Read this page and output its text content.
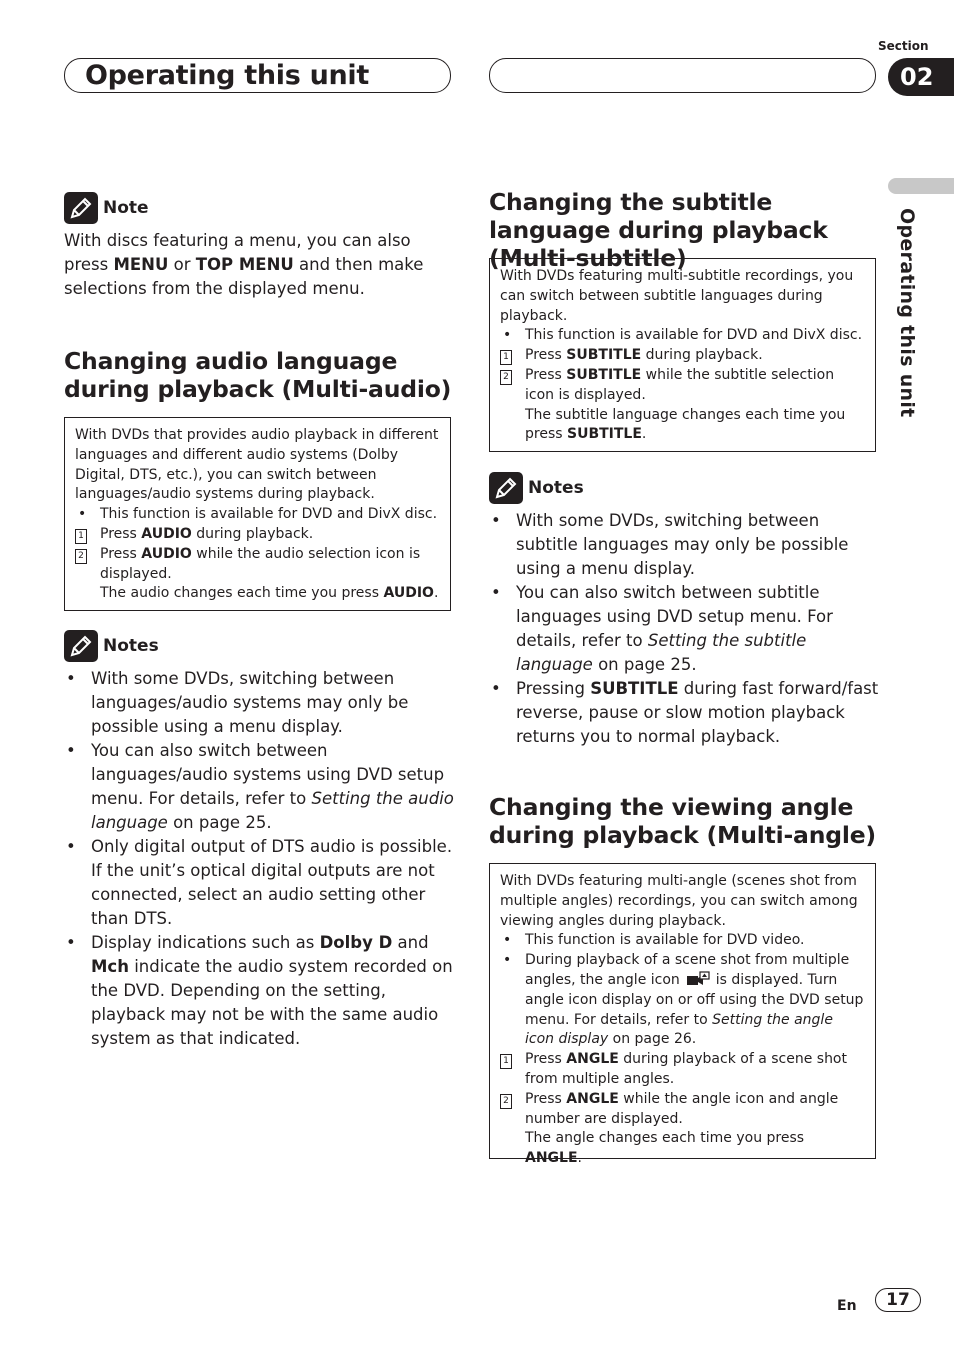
Operating this unit
Section
02
Operating this unit
Note
With discs featuring a menu, you can also press MENU or TOP MENU and then make selections from the displayed menu.
Changing audio language during playback (Multi-audio)
With DVDs that provides audio playback in different languages and different audio systems (Dolby Digital, DTS, etc.), you can switch between languages/audio systems during playback.
• This function is available for DVD and DivX disc.
1	Press AUDIO during playback.
2	Press AUDIO while the audio selection icon is displayed.
The audio changes each time you press AUDIO.
Notes
• With some DVDs, switching between languages/audio systems may only be possible using a menu display.
• You can also switch between languages/audio systems using DVD setup menu. For details, refer to Setting the audio language on page 25.
• Only digital output of DTS audio is possible. If the unit’s optical digital outputs are not connected, select an audio setting other than DTS.
• Display indications such as Dolby D and Mch indicate the audio system recorded on the DVD. Depending on the setting, playback may not be with the same audio system as that indicated.
Changing the subtitle language during playback (Multi-subtitle)
With DVDs featuring multi-subtitle recordings, you can switch between subtitle languages during playback.
• This function is available for DVD and DivX disc.
1	Press SUBTITLE during playback.
2	Press SUBTITLE while the subtitle selection icon is displayed.
The subtitle language changes each time you press SUBTITLE.
Notes
• With some DVDs, switching between subtitle languages may only be possible using a menu display.
• You can also switch between subtitle languages using DVD setup menu. For details, refer to Setting the subtitle language on page 25.
• Pressing SUBTITLE during fast forward/fast reverse, pause or slow motion playback returns you to normal playback.
Changing the viewing angle during playback (Multi-angle)
With DVDs featuring multi-angle (scenes shot from multiple angles) recordings, you can switch among viewing angles during playback.
• This function is available for DVD video.
• During playback of a scene shot from multiple angles, the angle icon	is displayed. Turn angle icon display on or off using the DVD setup menu. For details, refer to Setting the angle icon display on page 26.
1	Press ANGLE during playback of a scene shot from multiple angles.
2	Press ANGLE while the angle icon and angle number are displayed.
The angle changes each time you press ANGLE.
En	17
